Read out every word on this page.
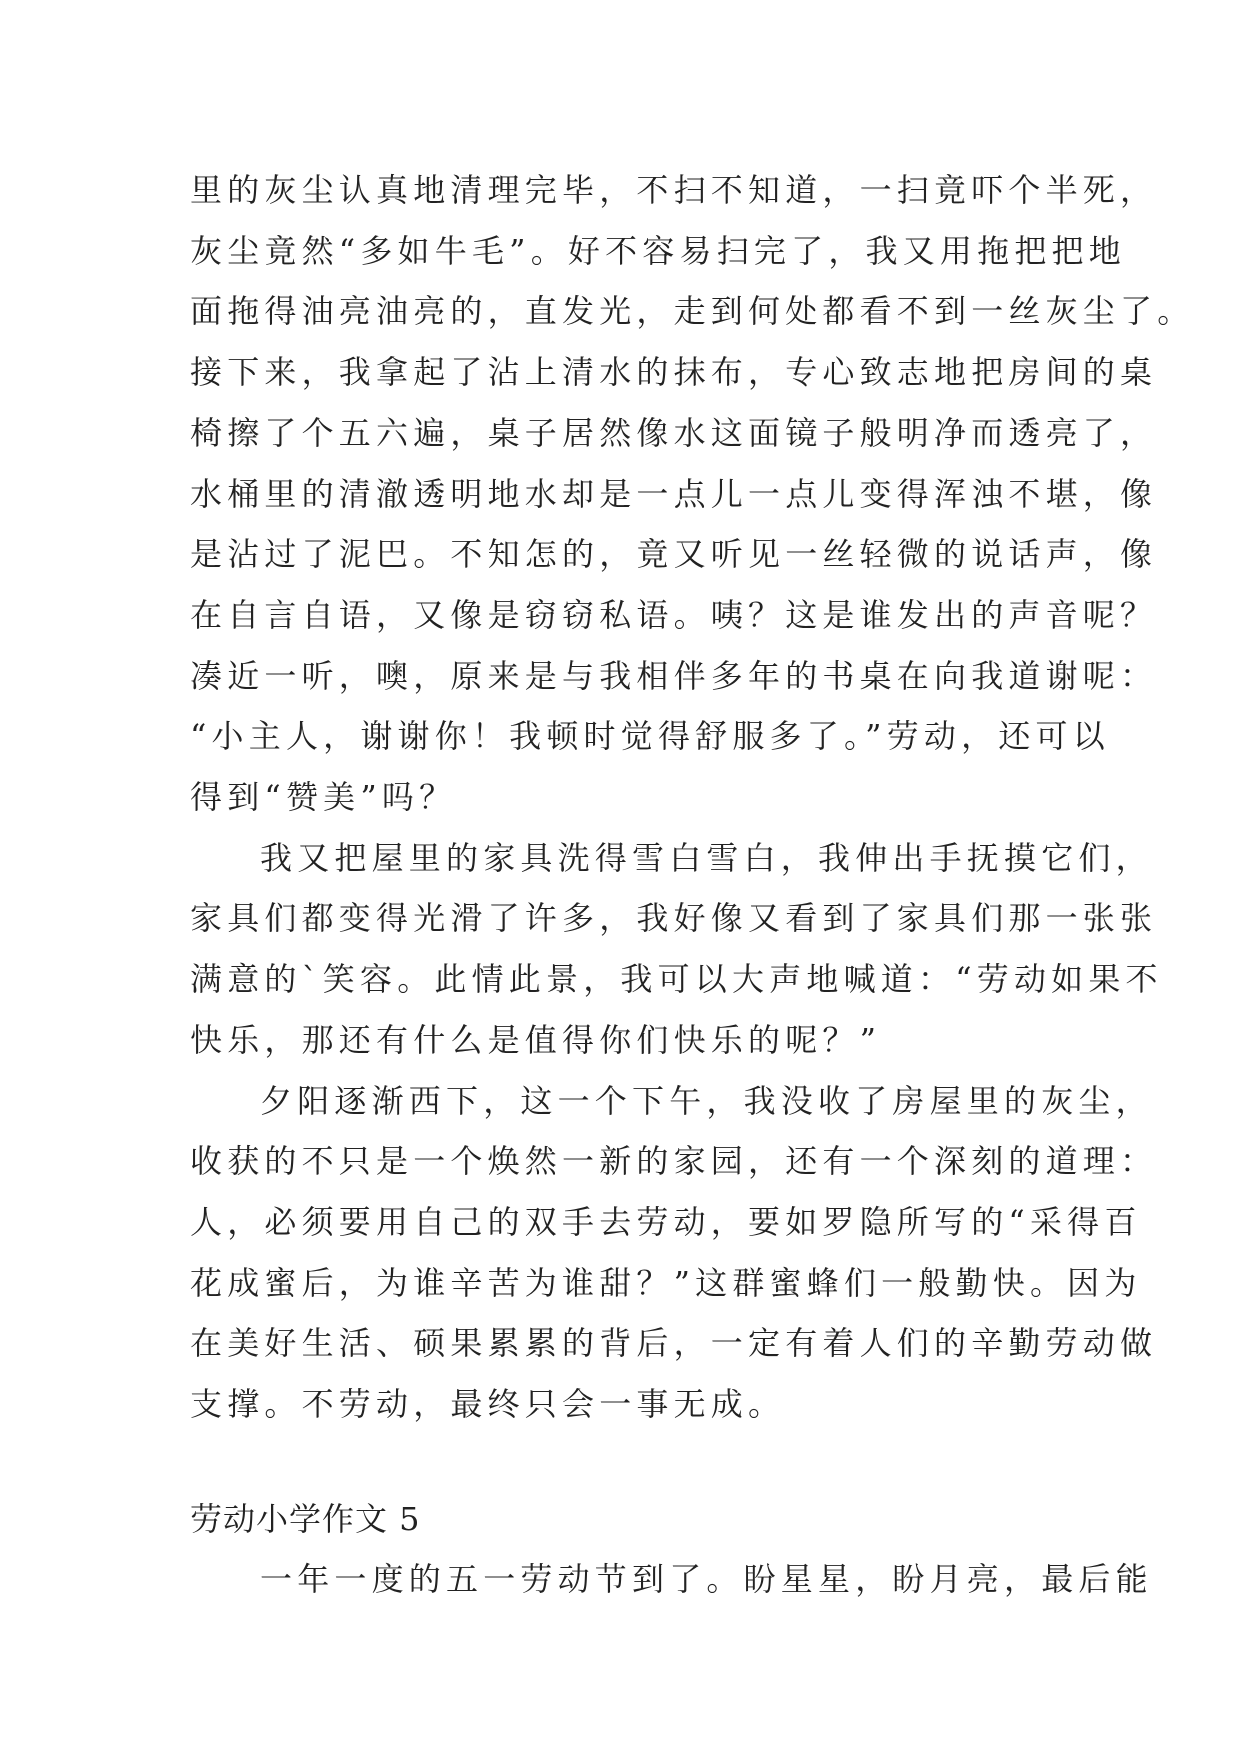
里的灰尘认真地清理完毕，不扫不知道，一扫竟吓个半死，
灰尘竟然“多如牛毛”。好不容易扫完了，我又用拖把把地
面拖得油亮油亮的，直发光，走到何处都看不到一丝灰尘了。
接下来，我拿起了沾上清水的抹布，专心致志地把房间的桌
椅擦了个五六遍，桌子居然像水这面镜子般明净而透亮了，
水桶里的清澈透明地水却是一点儿一点儿变得浑浊不堪，像
是沾过了泥巴。不知怎的，竟又听见一丝轻微的说话声，像
在自言自语，又像是窃窃私语。咦？这是谁发出的声音呢？
凑近一听，噢，原来是与我相伴多年的书桌在向我道谢呢：
“小主人，谢谢你！我顿时觉得舒服多了。”劳动，还可以
得到“赞美”吗？

我又把屋里的家具洗得雪白雪白，我伸出手抚摸它们，
家具们都变得光滑了许多，我好像又看到了家具们那一张张
满意的`笑容。此情此景，我可以大声地喊道：“劳动如果不
快乐，那还有什么是值得你们快乐的呢？”

夕阳逐渐西下，这一个下午，我没收了房屋里的灰尘，
收获的不只是一个焕然一新的家园，还有一个深刻的道理：
人，必须要用自己的双手去劳动，要如罗隐所写的“采得百
花成蜜后，为谁辛苦为谁甜？”这群蜜蜂们一般勤快。因为
在美好生活、硕果累累的背后，一定有着人们的辛勤劳动做
支撑。不劳动，最终只会一事无成。

劳动小学作文 5

一年一度的五一劳动节到了。盼星星，盼月亮，最后能
